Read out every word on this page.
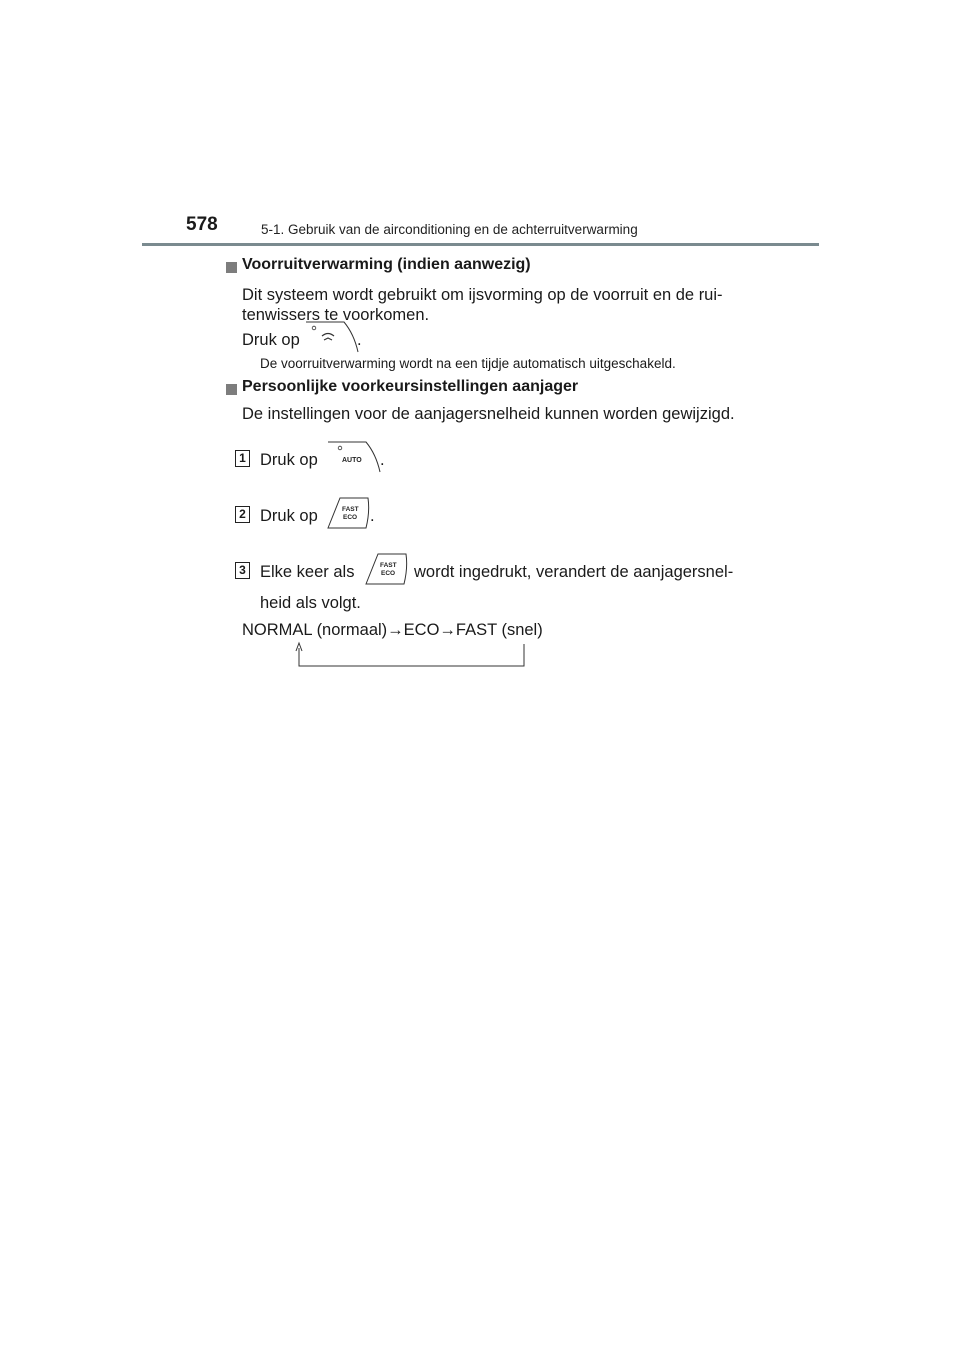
578	5-1. Gebruik van de airconditioning en de achterruitverwarming
Voorruitverwarming (indien aanwezig)
Dit systeem wordt gebruikt om ijsvorming op de voorruit en de rui-
tenwissers te voorkomen.
Druk op	.
De voorruitverwarming wordt na een tijdje automatisch uitgeschakeld.
Persoonlijke voorkeursinstellingen aanjager
De instellingen voor de aanjagersnelheid kunnen worden gewijzigd.
1 Druk op	AUTO .
2 Druk op	FAST
ECO .
3 Elke keer als	FAST
ECO wordt ingedrukt, verandert de aanjagersnel-
heid als volgt.
NORMAL (normaal)→ECO→FAST (snel)
